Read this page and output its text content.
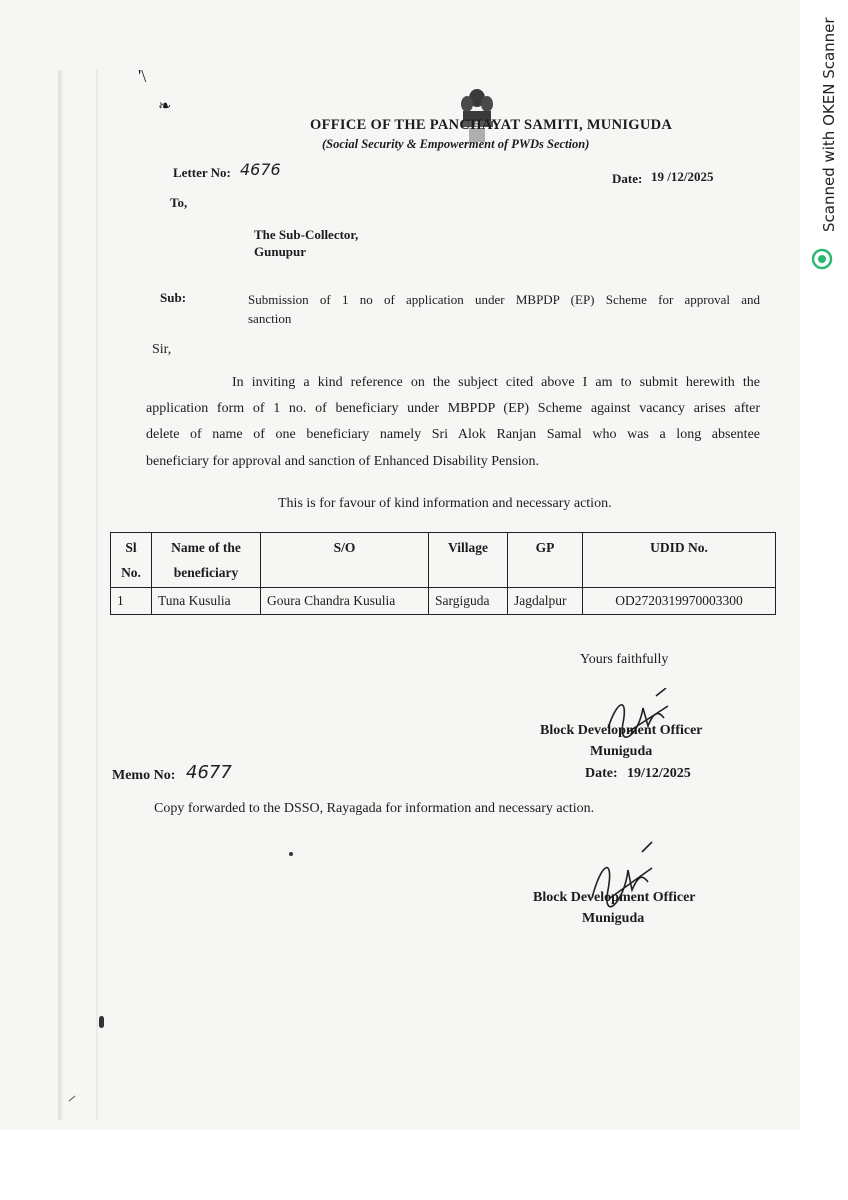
'\
❧
OFFICE OF THE PANCHAYAT SAMITI, MUNIGUDA
(Social Security & Empowerment of PWDs Section)
Letter No: 4676	Date: 19 /12/2025
To,
The Sub-Collector,
Gunupur
Sub:	Submission of 1 no of application under MBPDP (EP) Scheme for approval and
sanction
Sir,
In inviting a kind reference on the subject cited above I am to submit herewith the
application form of 1 no. of beneficiary under MBPDP (EP) Scheme against vacancy arises after
delete of name of one beneficiary namely Sri Alok Ranjan Samal who was a long absentee
beneficiary for approval and sanction of Enhanced Disability Pension.
This is for favour of kind information and necessary action.
Sl No.	Name of the beneficiary	S/O	Village	GP	UDID No.
1	Tuna Kusulia	Goura Chandra Kusulia	Sargiguda	Jagdalpur	OD2720319970003300
Yours faithfully
Block Development Officer
Muniguda
Date: 19/12/2025
Memo No: 4677
Copy forwarded to the DSSO, Rayagada for information and necessary action.
Block Development Officer
Muniguda
Scanned with OKEN Scanner
